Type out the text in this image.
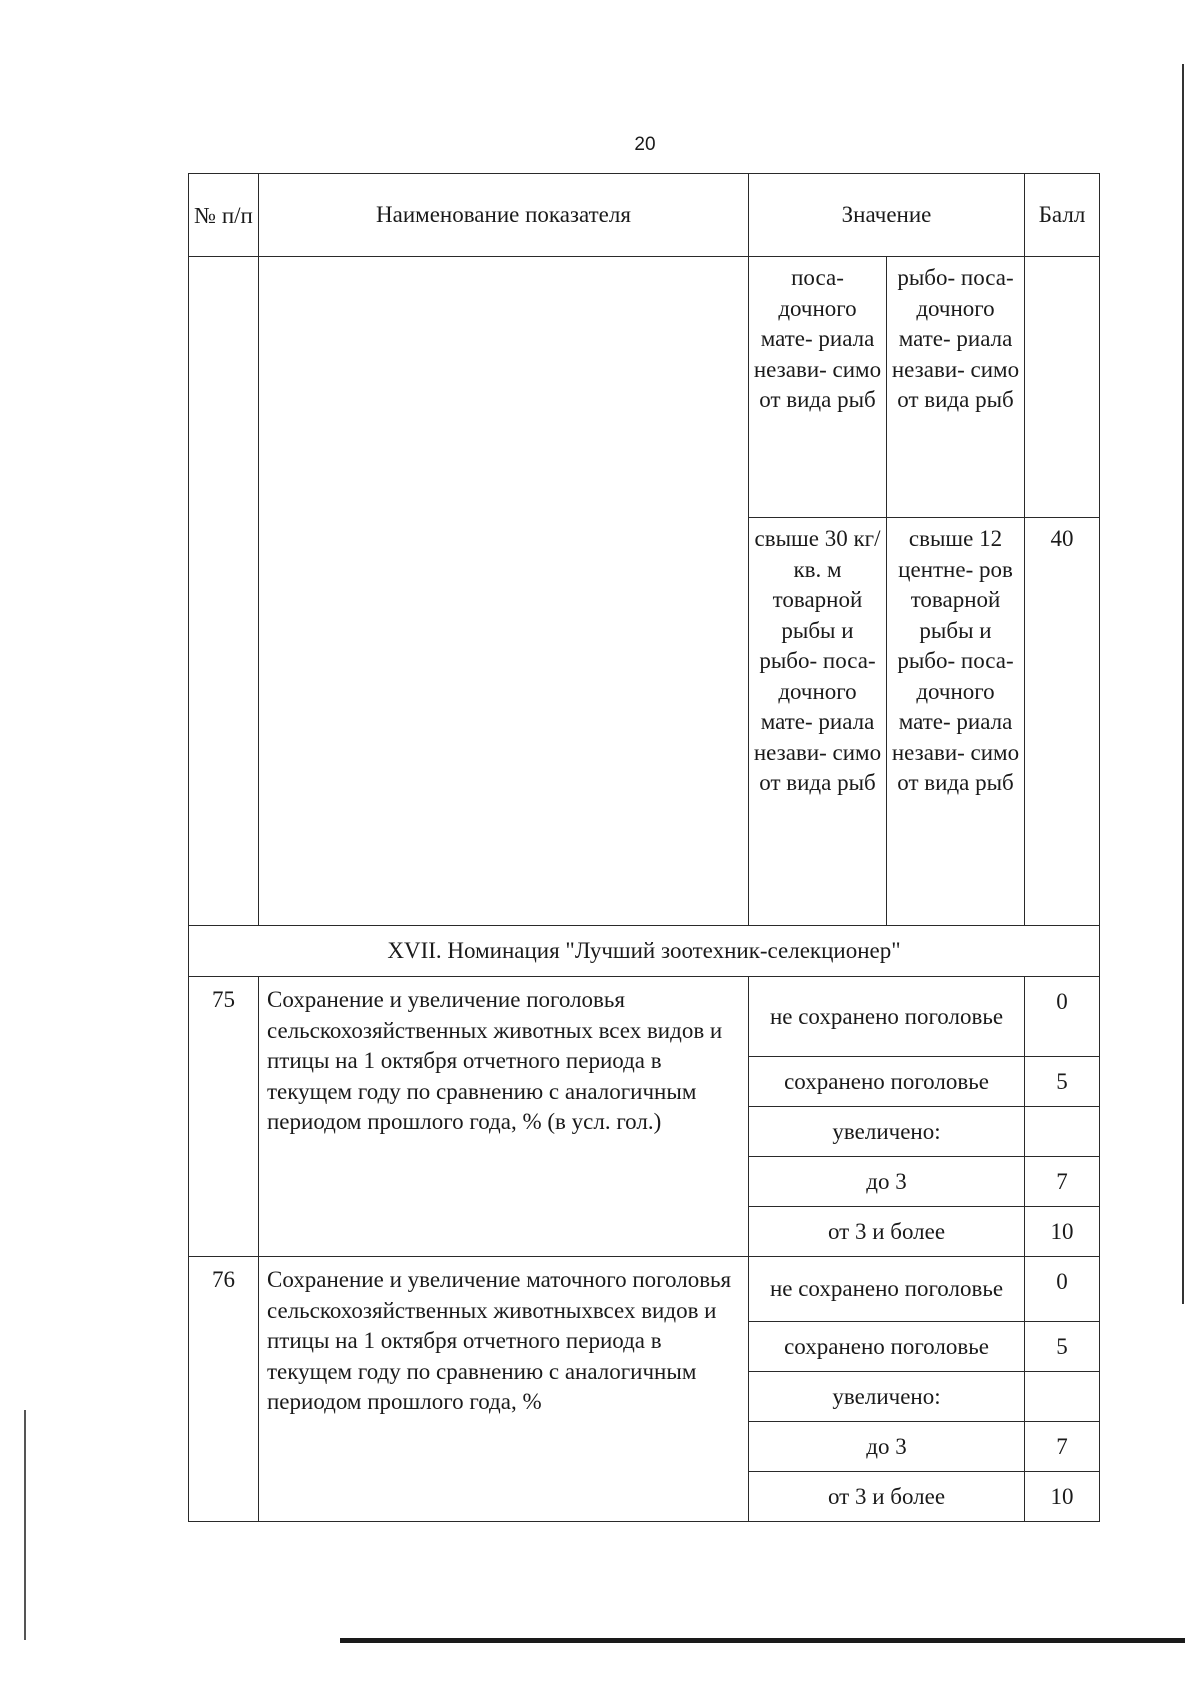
20
№ п/п	Наименование показателя	Значение		Балл
		поса- дочного мате- риала незави- симо от вида рыб	рыбо- поса- дочного мате- риала незави- симо от вида рыб	
		свыше 30 кг/кв. м товарной рыбы и рыбо- поса- дочного мате- риала незави- симо от вида рыб	свыше 12 центне- ров товарной рыбы и рыбо- поса- дочного мате- риала незави- симо от вида рыб	40
XVII. Номинация "Лучший зоотехник-селекционер"				
75	Сохранение и увеличение поголовья сельскохозяйственных животных всех видов и птицы на 1 октября отчетного периода в текущем году по сравнению с аналогичным периодом прошлого года, % (в усл. гол.)	не сохранено поголовье		0
		сохранено поголовье		5
		увеличено:		
		до 3		7
		от 3 и более		10
76	Сохранение и увеличение маточного поголовья сельскохозяйственных животныхвсех видов и птицы на 1 октября отчетного периода в текущем году по сравнению с аналогичным периодом прошлого года, %	не сохранено поголовье		0
		сохранено поголовье		5
		увеличено:		
		до 3		7
		от 3 и более		10
